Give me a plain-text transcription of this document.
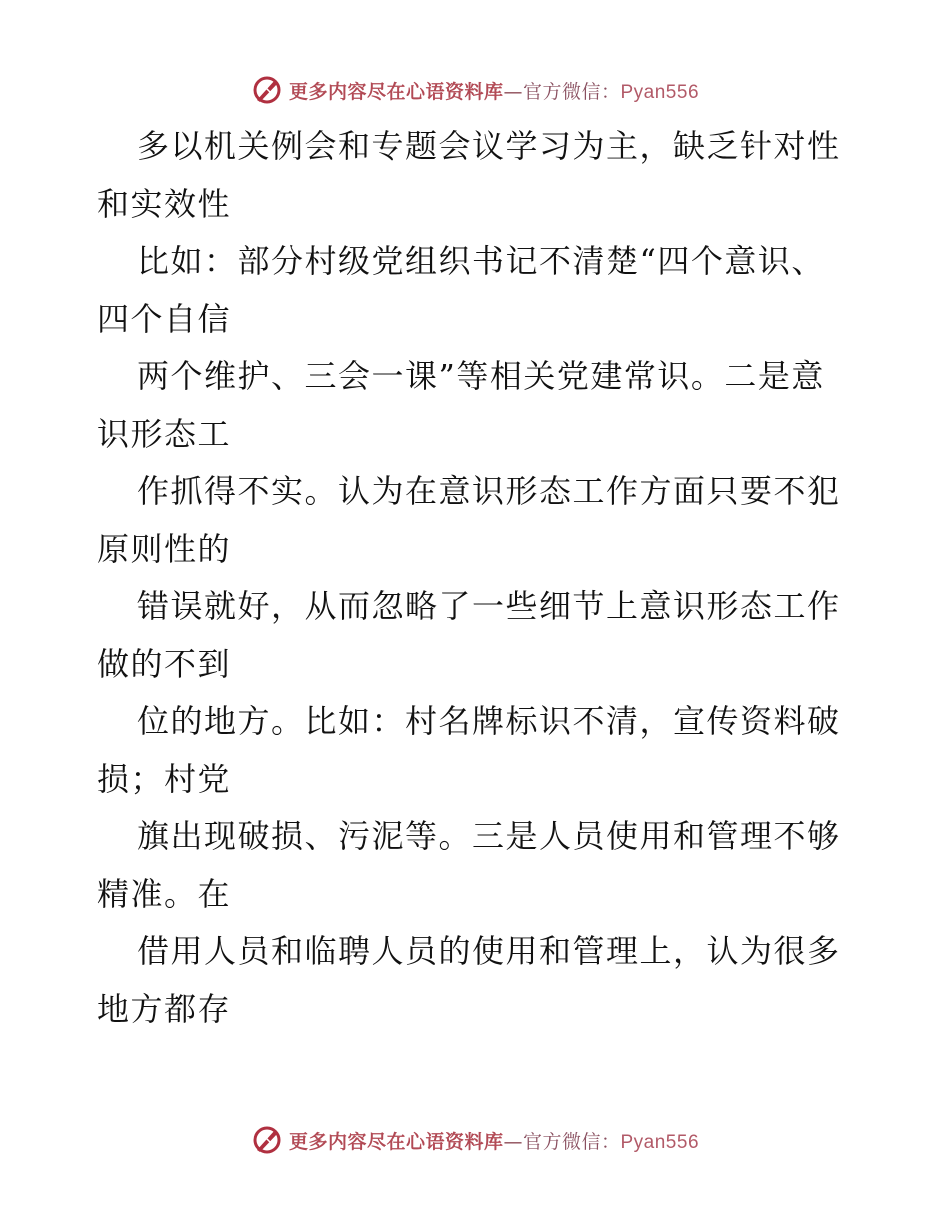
更多内容尽在心语资料库—官方微信：Pyan556

多以机关例会和专题会议学习为主，缺乏针对性
和实效性

比如：部分村级党组织书记不清楚“四个意识、
四个自信

两个维护、三会一课”等相关党建常识。二是意
识形态工

作抓得不实。认为在意识形态工作方面只要不犯
原则性的

错误就好，从而忽略了一些细节上意识形态工作
做的不到

位的地方。比如：村名牌标识不清，宣传资料破
损；村党

旗出现破损、污泥等。三是人员使用和管理不够
精准。在

借用人员和临聘人员的使用和管理上，认为很多
地方都存

更多内容尽在心语资料库—官方微信：Pyan556
